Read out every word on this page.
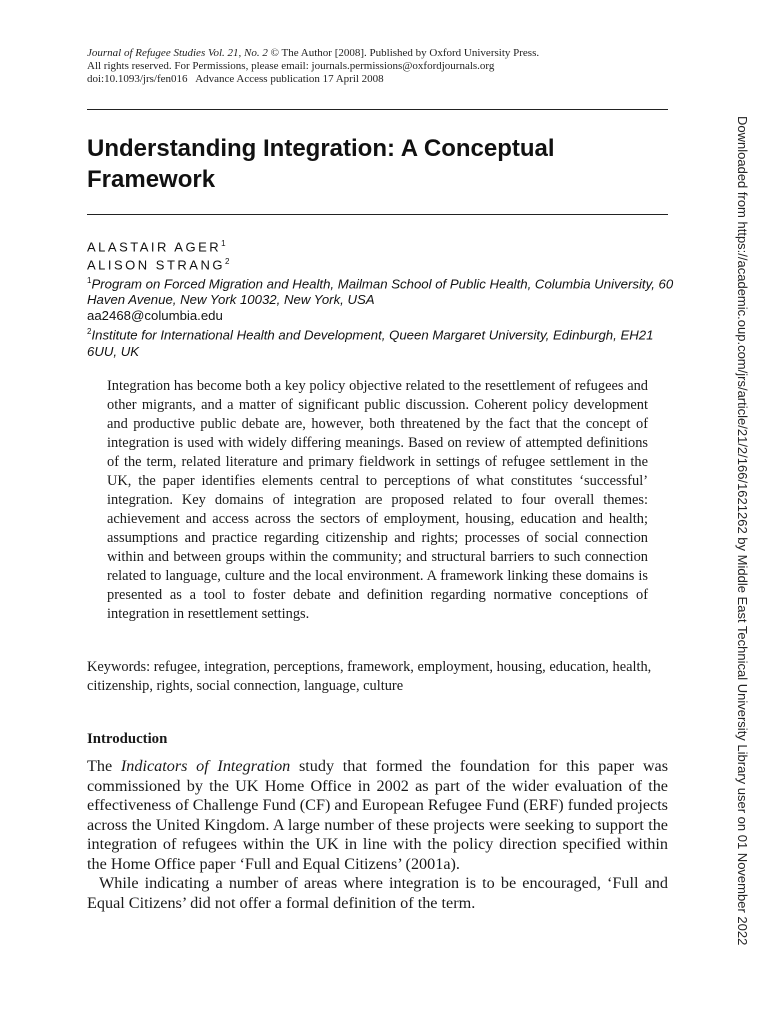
Journal of Refugee Studies Vol. 21, No. 2 © The Author [2008]. Published by Oxford University Press.
All rights reserved. For Permissions, please email: journals.permissions@oxfordjournals.org
doi:10.1093/jrs/fen016 Advance Access publication 17 April 2008
Understanding Integration: A Conceptual Framework
ALASTAIR AGER$^1$
ALISON STRANG$^2$
$^1$Program on Forced Migration and Health, Mailman School of Public Health, Columbia University, 60 Haven Avenue, New York 10032, New York, USA
aa2468@columbia.edu
$^2$Institute for International Health and Development, Queen Margaret University, Edinburgh, EH21 6UU, UK

Integration has become both a key policy objective related to the resettlement of refugees and other migrants, and a matter of significant public discussion. Coherent policy development and productive public debate are, however, both threatened by the fact that the concept of integration is used with widely differing meanings. Based on review of attempted definitions of the term, related literature and primary fieldwork in settings of refugee settlement in the UK, the paper identifies elements central to perceptions of what constitutes ‘successful’ integration. Key domains of integration are proposed related to four overall themes: achievement and access across the sectors of employment, housing, education and health; assumptions and practice regarding citizenship and rights; processes of social connection within and between groups within the community; and structural barriers to such connection related to language, culture and the local environment. A framework linking these domains is presented as a tool to foster debate and definition regarding normative conceptions of integration in resettlement settings.

Keywords: refugee, integration, perceptions, framework, employment, housing, education, health, citizenship, rights, social connection, language, culture

Introduction

The Indicators of Integration study that formed the foundation for this paper was commissioned by the UK Home Office in 2002 as part of the wider evaluation of the effectiveness of Challenge Fund (CF) and European Refugee Fund (ERF) funded projects across the United Kingdom. A large number of these projects were seeking to support the integration of refugees within the UK in line with the policy direction specified within the Home Office paper ‘Full and Equal Citizens’ (2001a).

While indicating a number of areas where integration is to be encouraged, ‘Full and Equal Citizens’ did not offer a formal definition of the term.	Downloaded from https://academic.oup.com/jrs/article/21/2/166/1621262 by Middle East Technical University Library user on 01 November 2022
